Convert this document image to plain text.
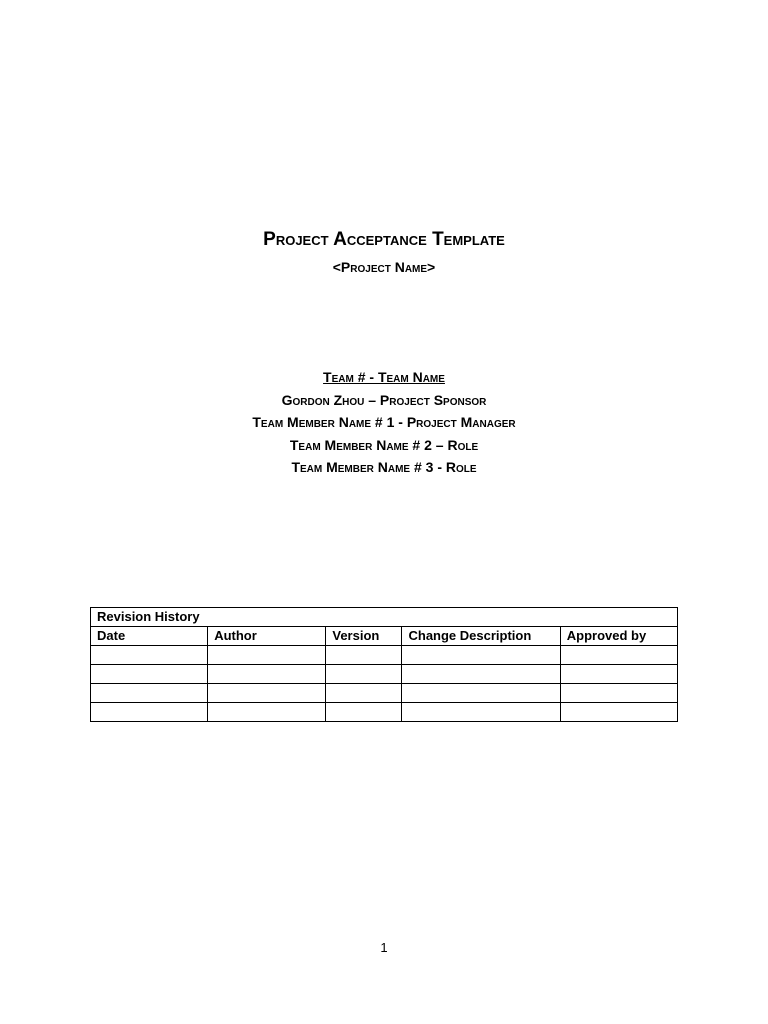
Project Acceptance Template
<Project Name>
Team # - Team Name
Gordon Zhou – Project Sponsor
Team Member Name # 1 - Project Manager
Team Member Name # 2 – Role
Team Member Name # 3 - Role
Revision History				
Date	Author	Version	Change Description	Approved by

1
